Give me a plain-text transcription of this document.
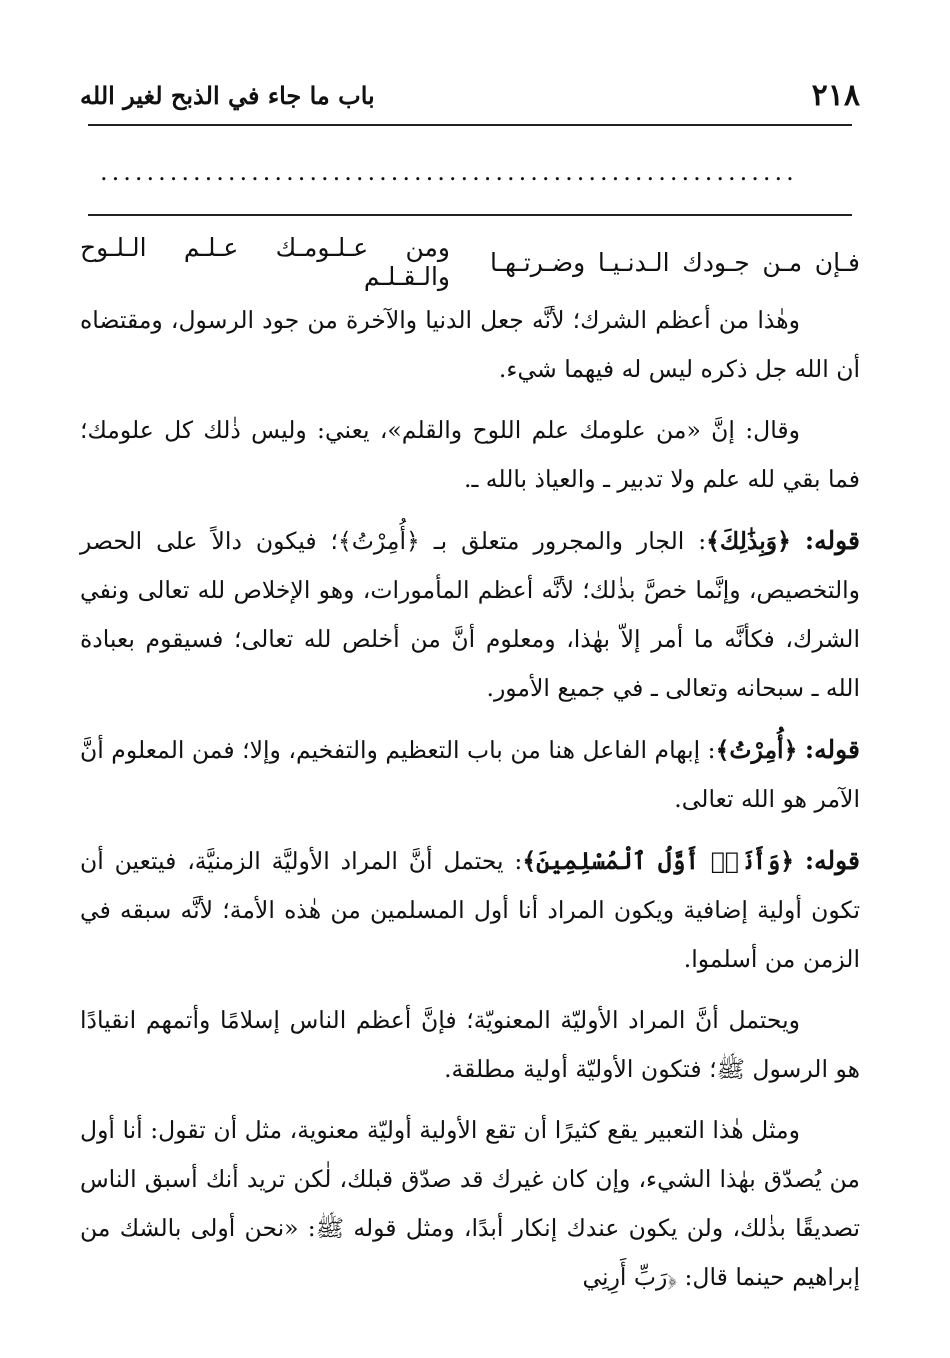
٢١٨
باب ما جاء في الذبح لغير الله
............................................................
فـإن مـن جـودك الـدنـيـا وضـرتـهـا
ومن عـلـومـك عـلـم الـلـوح والـقـلـم

وهٰذا من أعظم الشرك؛ لأنَّه جعل الدنيا والآخرة من جود الرسول، ومقتضاه أن الله جل ذكره ليس له فيهما شيء.

وقال: إنَّ «من علومك علم اللوح والقلم»، يعني: وليس ذٰلك كل علومك؛ فما بقي لله علم ولا تدبير ـ والعياذ بالله ـ.

قوله: ﴿وَبِذَٰلِكَ﴾: الجار والمجرور متعلق بـ ﴿أُمِرْتُ﴾؛ فيكون دالاً على الحصر والتخصيص، وإنَّما خصَّ بذٰلك؛ لأنَّه أعظم المأمورات، وهو الإخلاص لله تعالى ونفي الشرك، فكأنَّه ما أمر إلاّ بهٰذا، ومعلوم أنَّ من أخلص لله تعالى؛ فسيقوم بعبادة الله ـ سبحانه وتعالى ـ في جميع الأمور.

قوله: ﴿أُمِرْتُ﴾: إبهام الفاعل هنا من باب التعظيم والتفخيم، وإلا؛ فمن المعلوم أنَّ الآمر هو الله تعالى.

قوله: ﴿وَأَنَا۠ أَوَّلُ ٱلْمُسْلِمِينَ﴾: يحتمل أنَّ المراد الأوليَّة الزمنيَّة، فيتعين أن تكون أولية إضافية ويكون المراد أنا أول المسلمين من هٰذه الأمة؛ لأنَّه سبقه في الزمن من أسلموا.

ويحتمل أنَّ المراد الأوليّة المعنويّة؛ فإنَّ أعظم الناس إسلامًا وأتمهم انقيادًا هو الرسول ﷺ؛ فتكون الأوليّة أولية مطلقة.

ومثل هٰذا التعبير يقع كثيرًا أن تقع الأولية أوليّة معنوية، مثل أن تقول: أنا أول من يُصدّق بهٰذا الشيء، وإن كان غيرك قد صدّق قبلك، لٰكن تريد أنك أسبق الناس تصديقًا بذٰلك، ولن يكون عندك إنكار أبدًا، ومثل قوله ﷺ: «نحن أولى بالشك من إبراهيم حينما قال: ﴿رَبِّ أَرِنِي
